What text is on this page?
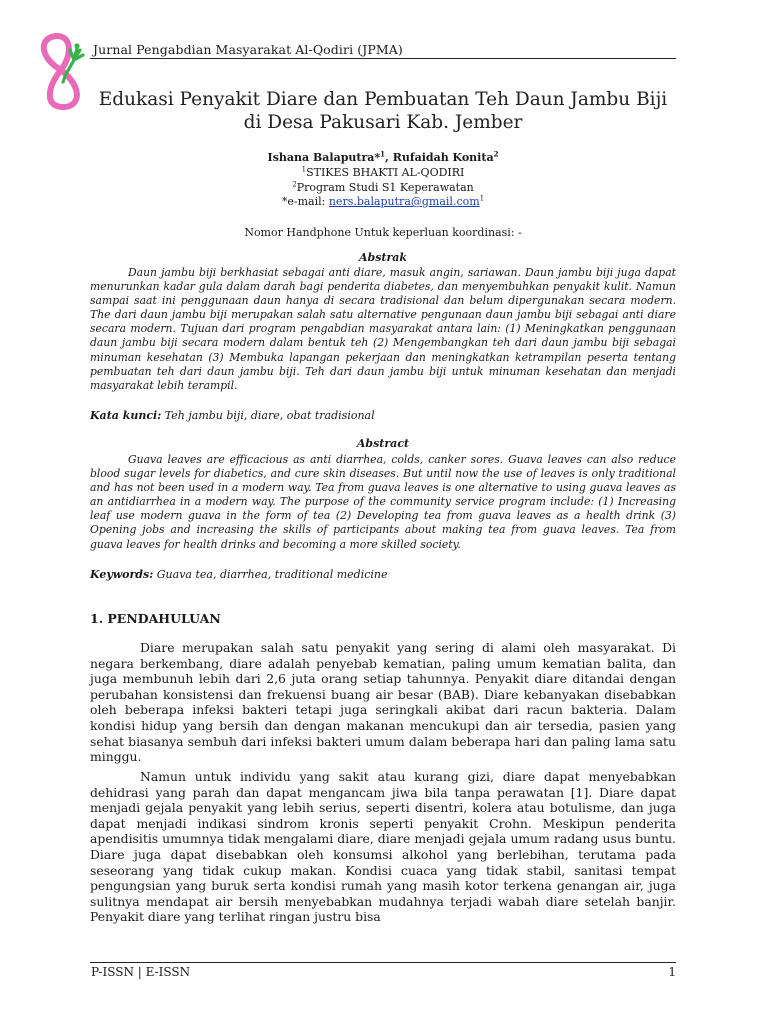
Jurnal Pengabdian Masyarakat Al-Qodiri (JPMA)
Edukasi Penyakit Diare dan Pembuatan Teh Daun Jambu Biji di Desa Pakusari Kab. Jember
Ishana Balaputra*$^1$, Rufaidah Konita$^2$
$^1$STIKES BHAKTI AL-QODIRI
$^2$Program Studi S1 Keperawatan
*e-mail: ners.balaputra@gmail.com$^1$
Nomor Handphone Untuk keperluan koordinasi: -
Abstrak
Daun jambu biji berkhasiat sebagai anti diare, masuk angin, sariawan. Daun jambu biji juga dapat menurunkan kadar gula dalam darah bagi penderita diabetes, dan menyembuhkan penyakit kulit. Namun sampai saat ini penggunaan daun hanya di secara tradisional dan belum dipergunakan secara modern. The dari daun jambu biji merupakan salah satu alternative pengunaan daun jambu biji sebagai anti diare secara modern. Tujuan dari program pengabdian masyarakat antara lain: (1) Meningkatkan penggunaan daun jambu biji secara modern dalam bentuk teh (2) Mengembangkan teh dari daun jambu biji sebagai minuman kesehatan (3) Membuka lapangan pekerjaan dan meningkatkan ketrampilan peserta tentang pembuatan teh dari daun jambu biji. Teh dari daun jambu biji untuk minuman kesehatan dan menjadi masyarakat lebih terampil.
Kata kunci: Teh jambu biji, diare, obat tradisional
Abstract
Guava leaves are efficacious as anti diarrhea, colds, canker sores. Guava leaves can also reduce blood sugar levels for diabetics, and cure skin diseases. But until now the use of leaves is only traditional and has not been used in a modern way. Tea from guava leaves is one alternative to using guava leaves as an antidiarrhea in a modern way. The purpose of the community service program include: (1) Increasing leaf use modern guava in the form of tea (2) Developing tea from guava leaves as a health drink (3) Opening jobs and increasing the skills of participants about making tea from guava leaves. Tea from guava leaves for health drinks and becoming a more skilled society.
Keywords: Guava tea, diarrhea, traditional medicine
1. PENDAHULUAN
Diare merupakan salah satu penyakit yang sering di alami oleh masyarakat. Di negara berkembang, diare adalah penyebab kematian, paling umum kematian balita, dan juga membunuh lebih dari 2,6 juta orang setiap tahunnya. Penyakit diare ditandai dengan perubahan konsistensi dan frekuensi buang air besar (BAB). Diare kebanyakan disebabkan oleh beberapa infeksi bakteri tetapi juga seringkali akibat dari racun bakteria. Dalam kondisi hidup yang bersih dan dengan makanan mencukupi dan air tersedia, pasien yang sehat biasanya sembuh dari infeksi bakteri umum dalam beberapa hari dan paling lama satu minggu.
Namun untuk individu yang sakit atau kurang gizi, diare dapat menyebabkan dehidrasi yang parah dan dapat mengancam jiwa bila tanpa perawatan [1]. Diare dapat menjadi gejala penyakit yang lebih serius, seperti disentri, kolera atau botulisme, dan juga dapat menjadi indikasi sindrom kronis seperti penyakit Crohn. Meskipun penderita apendisitis umumnya tidak mengalami diare, diare menjadi gejala umum radang usus buntu. Diare juga dapat disebabkan oleh konsumsi alkohol yang berlebihan, terutama pada seseorang yang tidak cukup makan. Kondisi cuaca yang tidak stabil, sanitasi tempat pengungsian yang buruk serta kondisi rumah yang masih kotor terkena genangan air, juga sulitnya mendapat air bersih menyebabkan mudahnya terjadi wabah diare setelah banjir. Penyakit diare yang terlihat ringan justru bisa
P-ISSN | E-ISSN	1
